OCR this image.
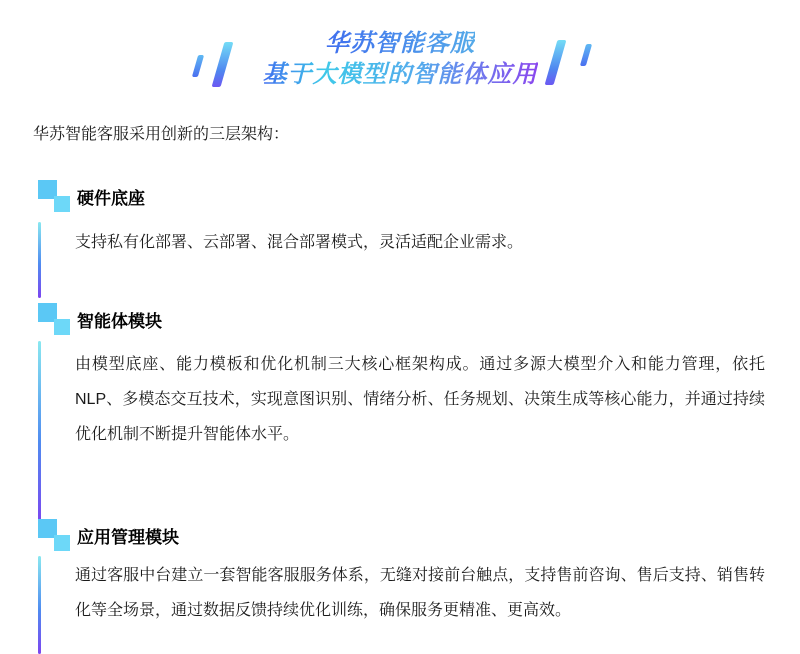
华苏智能客服
基于大模型的智能体应用
华苏智能客服采用创新的三层架构：
硬件底座
支持私有化部署、云部署、混合部署模式，灵活适配企业需求。
智能体模块
由模型底座、能力模板和优化机制三大核心框架构成。通过多源大模型介入和能力管理，依托NLP、多模态交互技术，实现意图识别、情绪分析、任务规划、决策生成等核心能力，并通过持续优化机制不断提升智能体水平。
应用管理模块
通过客服中台建立一套智能客服服务体系，无缝对接前台触点，支持售前咨询、售后支持、销售转化等全场景，通过数据反馈持续优化训练，确保服务更精准、更高效。
